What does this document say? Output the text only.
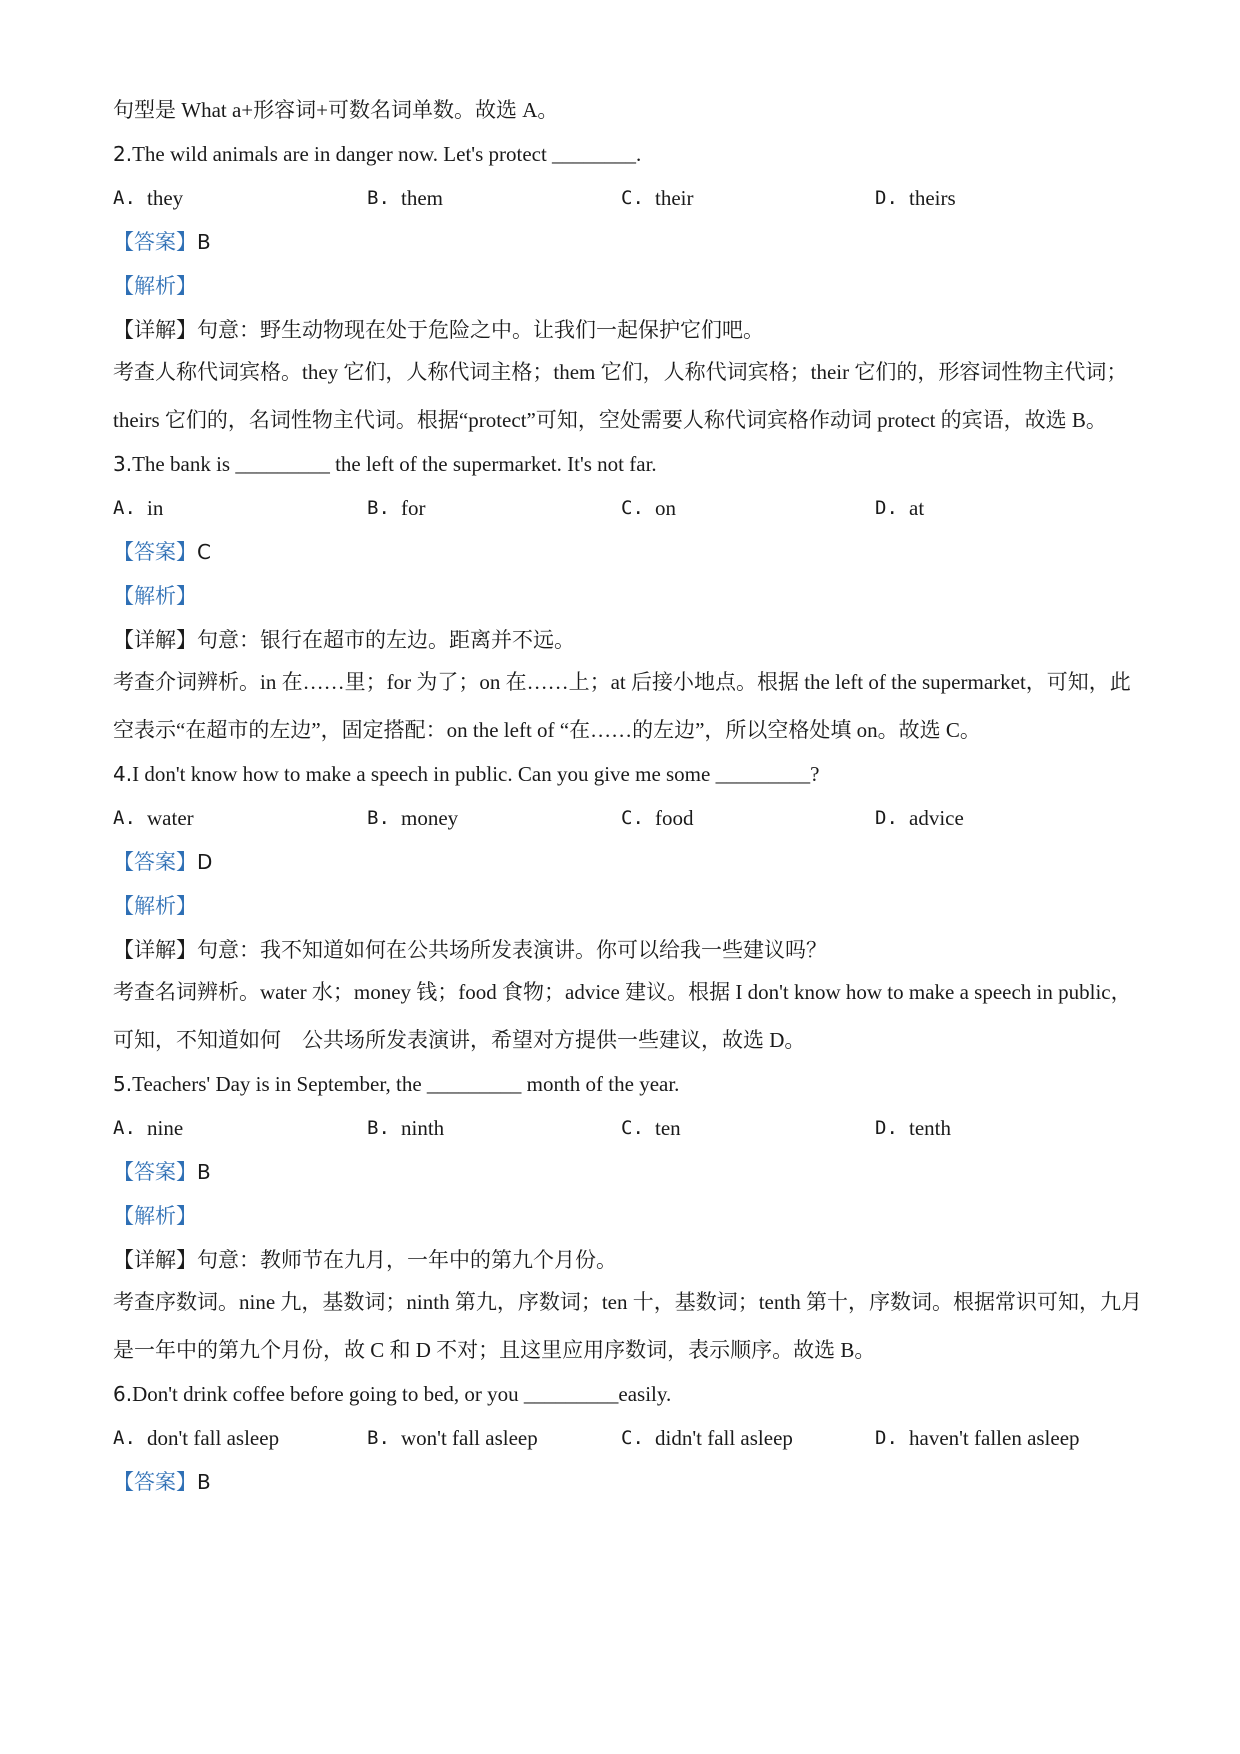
句型是 What a+形容词+可数名词单数。故选 A。

2.The wild animals are in danger now. Let's protect ________.

A. they	B. them	C. their	D. theirs

【答案】B

【解析】

【详解】句意：野生动物现在处于危险之中。让我们一起保护它们吧。

考查人称代词宾格。they 它们，人称代词主格；them 它们，人称代词宾格；their 它们的，形容词性物主代词；theirs 它们的，名词性物主代词。根据“protect”可知，空处需要人称代词宾格作动词 protect 的宾语，故选 B。

3.The bank is _________ the left of the supermarket. It's not far.

A. in	B. for	C. on	D. at

【答案】C

【解析】

【详解】句意：银行在超市的左边。距离并不远。

考查介词辨析。in 在……里；for 为了；on 在……上；at 后接小地点。根据 the left of the supermarket，可知，此空表示“在超市的左边”，固定搭配：on the left of “在……的左边”，所以空格处填 on。故选 C。

4.I don't know how to make a speech in public. Can you give me some _________?

A. water	B. money	C. food	D. advice

【答案】D

【解析】

【详解】句意：我不知道如何在公共场所发表演讲。你可以给我一些建议吗？

考查名词辨析。water 水；money 钱；food 食物；advice 建议。根据 I don't know how to make a speech in public，可知，不知道如何　公共场所发表演讲，希望对方提供一些建议，故选 D。

5.Teachers' Day is in September, the _________ month of the year.

A. nine	B. ninth	C. ten	D. tenth

【答案】B

【解析】

【详解】句意：教师节在九月，一年中的第九个月份。

考查序数词。nine 九，基数词；ninth 第九，序数词；ten 十，基数词；tenth 第十，序数词。根据常识可知，九月是一年中的第九个月份，故 C 和 D 不对；且这里应用序数词，表示顺序。故选 B。

6.Don't drink coffee before going to bed, or you _________easily.

A. don't fall asleep	B. won't fall asleep	C. didn't fall asleep	D. haven't fallen asleep

【答案】B
